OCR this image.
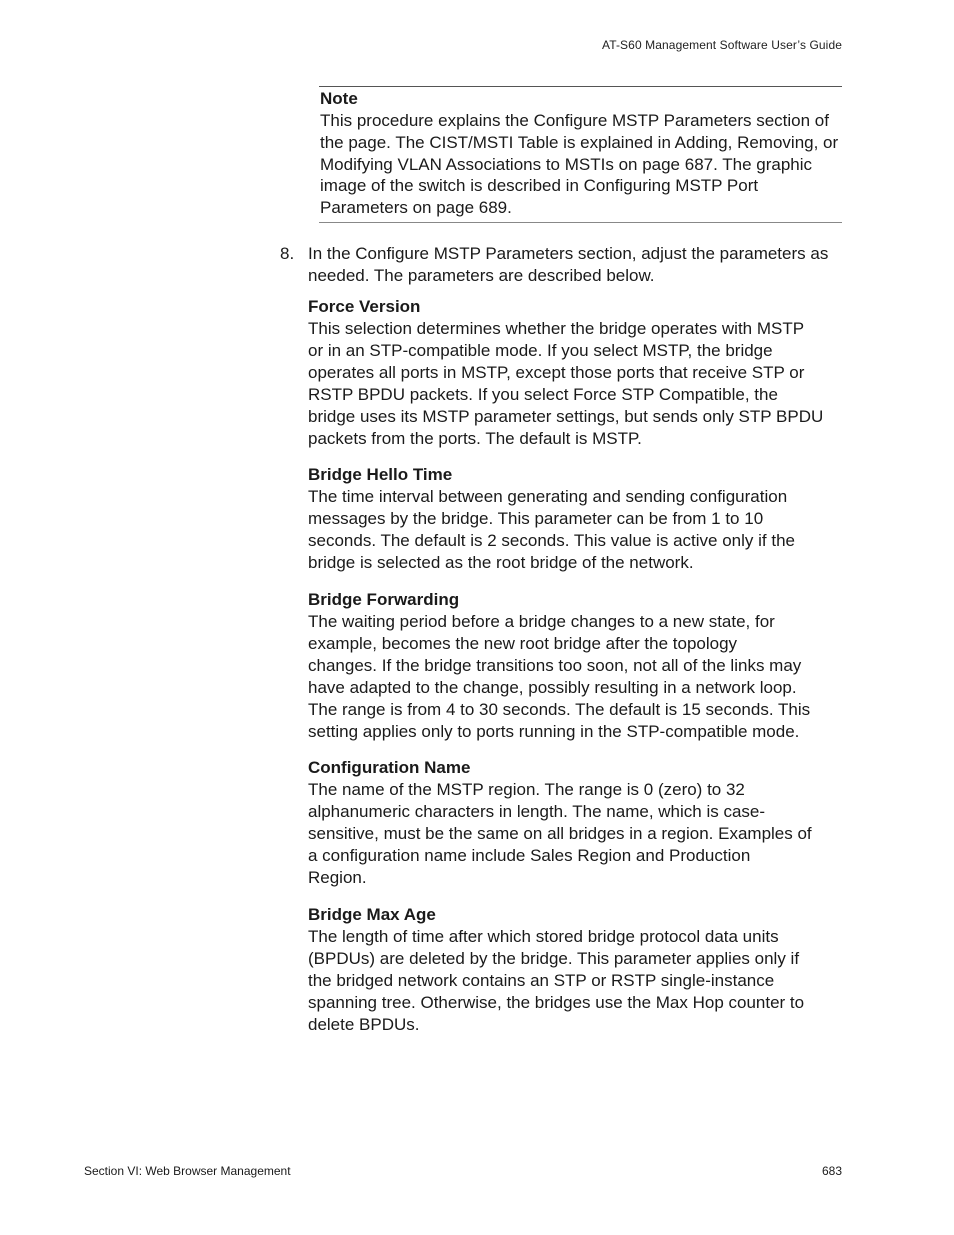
AT-S60 Management Software User’s Guide
Note
This procedure explains the Configure MSTP Parameters section of
the page. The CIST/MSTI Table is explained in Adding, Removing, or
Modifying VLAN Associations to MSTIs on page 687. The graphic
image of the switch is described in Configuring MSTP Port
Parameters on page 689.
8. In the Configure MSTP Parameters section, adjust the parameters as
needed. The parameters are described below.
Force Version
This selection determines whether the bridge operates with MSTP
or in an STP-compatible mode. If you select MSTP, the bridge
operates all ports in MSTP, except those ports that receive STP or
RSTP BPDU packets. If you select Force STP Compatible, the
bridge uses its MSTP parameter settings, but sends only STP BPDU
packets from the ports. The default is MSTP.
Bridge Hello Time
The time interval between generating and sending configuration
messages by the bridge. This parameter can be from 1 to 10
seconds. The default is 2 seconds. This value is active only if the
bridge is selected as the root bridge of the network.
Bridge Forwarding
The waiting period before a bridge changes to a new state, for
example, becomes the new root bridge after the topology
changes. If the bridge transitions too soon, not all of the links may
have adapted to the change, possibly resulting in a network loop.
The range is from 4 to 30 seconds. The default is 15 seconds. This
setting applies only to ports running in the STP-compatible mode.
Configuration Name
The name of the MSTP region. The range is 0 (zero) to 32
alphanumeric characters in length. The name, which is case-
sensitive, must be the same on all bridges in a region. Examples of
a configuration name include Sales Region and Production
Region.
Bridge Max Age
The length of time after which stored bridge protocol data units
(BPDUs) are deleted by the bridge. This parameter applies only if
the bridged network contains an STP or RSTP single-instance
spanning tree. Otherwise, the bridges use the Max Hop counter to
delete BPDUs.
Section VI: Web Browser Management	683
